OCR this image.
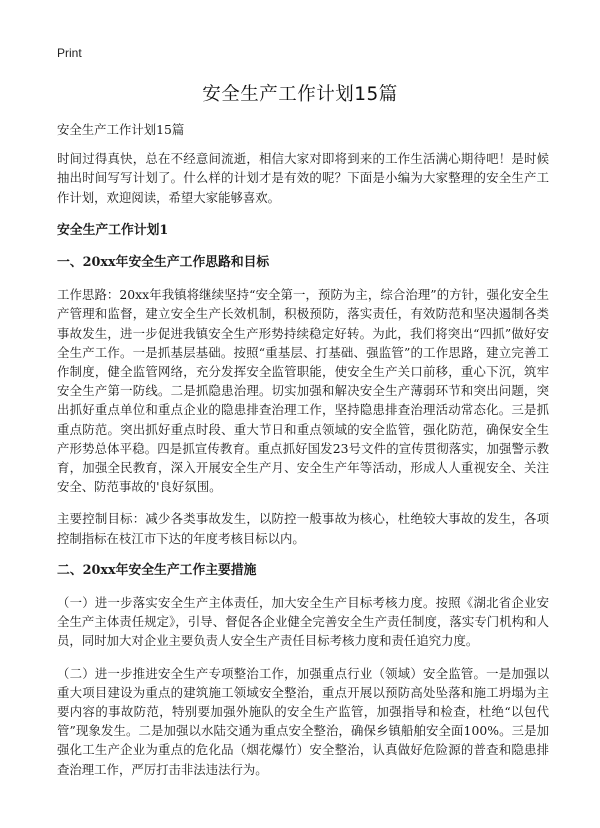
Print
安全生产工作计划15篇

安全生产工作计划15篇

时间过得真快，总在不经意间流逝，相信大家对即将到来的工作生活满心期待吧！是时候抽出时间写写计划了。什么样的计划才是有效的呢？下面是小编为大家整理的安全生产工作计划，欢迎阅读，希望大家能够喜欢。

安全生产工作计划1

一、20xx年安全生产工作思路和目标

工作思路：20xx年我镇将继续坚持“安全第一，预防为主，综合治理”的方针，强化安全生产管理和监督，建立安全生产长效机制，积极预防，落实责任，有效防范和坚决遏制各类事故发生，进一步促进我镇安全生产形势持续稳定好转。为此，我们将突出“四抓”做好安全生产工作。一是抓基层基础。按照“重基层、打基础、强监管”的工作思路，建立完善工作制度，健全监管网络，充分发挥安全监管职能，使安全生产关口前移，重心下沉，筑牢安全生产第一防线。二是抓隐患治理。切实加强和解决安全生产薄弱环节和突出问题，突出抓好重点单位和重点企业的隐患排查治理工作，坚持隐患排查治理活动常态化。三是抓重点防范。突出抓好重点时段、重大节日和重点领域的安全监管，强化防范，确保安全生产形势总体平稳。四是抓宣传教育。重点抓好国发23号文件的宣传贯彻落实，加强警示教育，加强全民教育，深入开展安全生产月、安全生产年等活动，形成人人重视安全、关注安全、防范事故的'良好氛围。

主要控制目标：减少各类事故发生，以防控一般事故为核心，杜绝较大事故的发生，各项控制指标在枝江市下达的年度考核目标以内。

二、20xx年安全生产工作主要措施

（一）进一步落实安全生产主体责任，加大安全生产目标考核力度。按照《湖北省企业安全生产主体责任规定》，引导、督促各企业健全完善安全生产责任制度，落实专门机构和人员，同时加大对企业主要负责人安全生产责任目标考核力度和责任追究力度。

（二）进一步推进安全生产专项整治工作，加强重点行业（领域）安全监管。一是加强以重大项目建设为重点的建筑施工领域安全整治，重点开展以预防高处坠落和施工坍塌为主要内容的事故防范，特别要加强外施队的安全生产监管，加强指导和检查，杜绝“以包代管”现象发生。二是加强以水陆交通为重点安全整治，确保乡镇船舶安全面100%。三是加强化工生产企业为重点的危化品（烟花爆竹）安全整治，认真做好危险源的普查和隐患排查治理工作，严厉打击非法违法行为。
